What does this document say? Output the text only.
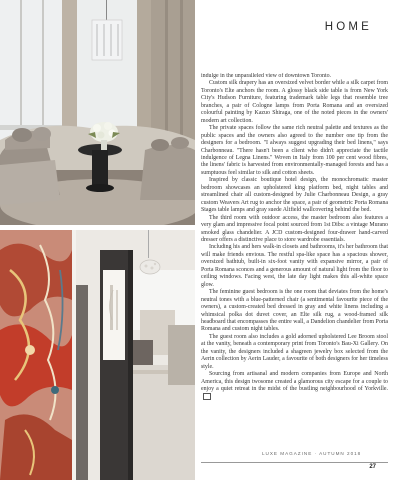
HOME

indulge in the unparalleled view of downtown Toronto.

Custom silk drapery has an oversized velvet border while a silk carpet from Toronto's Elte anchors the room. A glossy black side table is from New York City's Hudson Furniture, featuring trademark table legs that resemble tree branches, a pair of Cologne lamps from Porta Romana and an oversized colourful painting by Kazuo Shiraga, one of the noted pieces in the owners' modern art collection.

The private spaces follow the same rich neutral palette and textures as the public spaces and the owners also agreed to the number one tip from the designers for a bedroom. "I always suggest upgrading their bed linens," says Charbonneau. "There hasn't been a client who didn't appreciate the tactile indulgence of Legna Linens." Woven in Italy from 100 per cent wood fibres, the linens' fabric is harvested from environmentally-managed forests and has a sumptuous feel similar to silk and cotton sheets.

Inspired by classic boutique hotel design, the monochromatic master bedroom showcases an upholstered king platform bed, night tables and streamlined chair all custom-designed by Julie Charbonneau Design, a gray custom Weavers Art rug to anchor the space, a pair of geometric Porta Romana Stages table lamps and gray suede Altfield wallcovering behind the bed.

The third room with outdoor access, the master bedroom also features a very glam and impressive focal point sourced from 1st Dibs: a vintage Murano smoked glass chandelier. A JCD custom-designed four-drawer hand-carved dresser offers a distinctive place to store wardrobe essentials.

Including his and hers walk-in closets and bathrooms, it's her bathroom that will make friends envious. The restful spa-like space has a spacious shower, oversized bathtub, built-in six-foot vanity with expansive mirror, a pair of Porta Romana sconces and a generous amount of natural light from the floor to ceiling windows. Facing west, the late day light makes this all-white space glow.

The feminine guest bedroom is the one room that deviates from the home's neutral tones with a blue-patterned chair (a sentimental favourite piece of the owners), a custom-created bed dressed in gray and white linens including a whimsical polka dot duvet cover, an Elte silk rug, a wood-framed silk headboard that encompasses the entire wall, a Dandelion chandelier from Porta Romana and custom night tables.

The guest room also includes a gold adorned upholstered Lee Broom stool at the vanity, beneath a contemporary print from Toronto's Bau-Xi Gallery. On the vanity, the designers included a shagreen jewelry box selected from the Aerin collection by Aerin Lauder, a favourite of both designers for her timeless style.

Sourcing from artisanal and modern companies from Europe and North America, this design twosome created a glamorous city escape for a couple to enjoy a quiet retreat in the midst of the bustling neighbourhood of Yorkville.

LUXE MAGAZINE · AUTUMN 2018
27
